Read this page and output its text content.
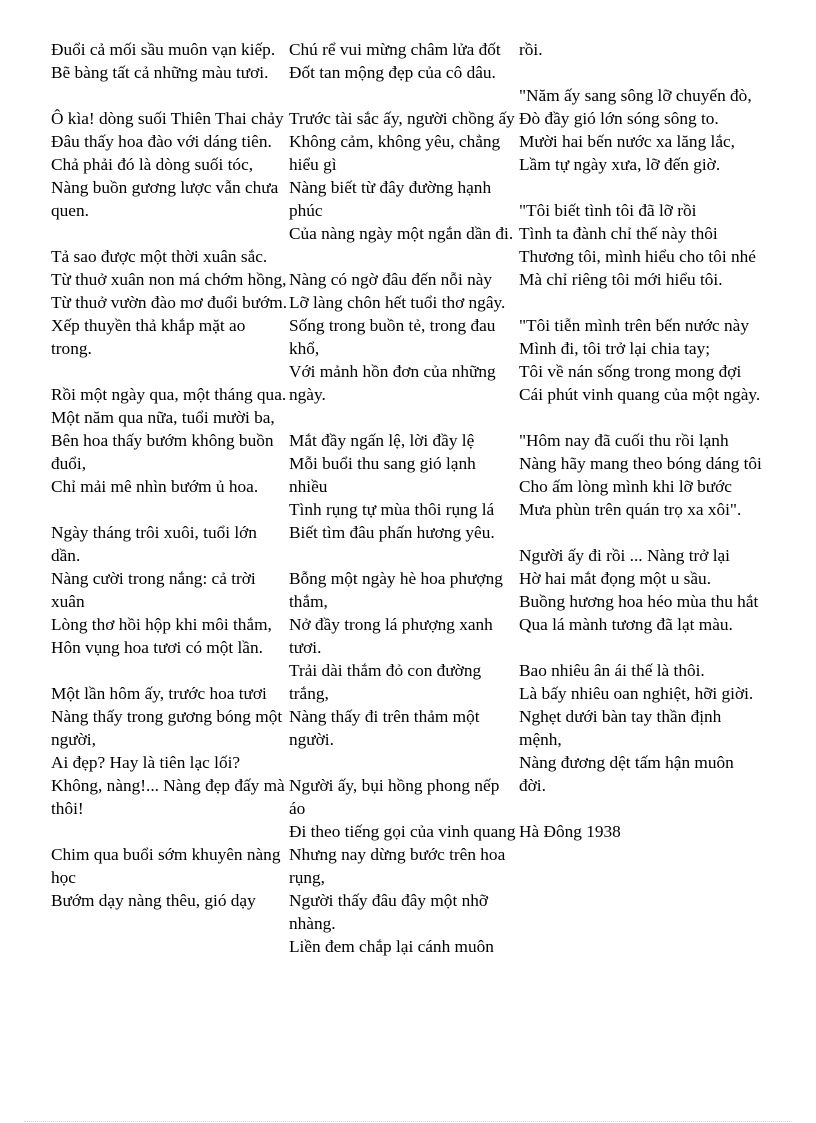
Đuổi cả mối sầu muôn vạn kiếp.
Bẽ bàng tất cả những màu tươi.
Ô kìa! dòng suối Thiên Thai chảy
Đâu thấy hoa đào với dáng tiên.
Chả phải đó là dòng suối tóc,
Nàng buồn gương lược vẫn chưa quen.
Tả sao được một thời xuân sắc.
Từ thuở xuân non má chớm hồng,
Từ thuở vườn đào mơ đuổi bướm.
Xếp thuyền thả khắp mặt ao trong.
Rồi một ngày qua, một tháng qua.
Một năm qua nữa, tuổi mười ba,
Bên hoa thấy bướm không buồn đuổi,
Chỉ mải mê nhìn bướm ủ hoa.
Ngày tháng trôi xuôi, tuổi lớn dần.
Nàng cười trong nắng: cả trời xuân
Lòng thơ hồi hộp khi môi thắm,
Hôn vụng hoa tươi có một lần.
Một lần hôm ấy, trước hoa tươi
Nàng thấy trong gương bóng một người,
Ai đẹp? Hay là tiên lạc lối?
Không, nàng!... Nàng đẹp đấy mà thôi!
Chim qua buổi sớm khuyên nàng học
Bướm dạy nàng thêu, gió dạy
Chú rể vui mừng châm lửa đốt
Đốt tan mộng đẹp của cô dâu.
Trước tài sắc ấy, người chồng ấy
Không cảm, không yêu, chẳng hiểu gì
Nàng biết từ đây đường hạnh phúc
Của nàng ngày một ngắn dần đi.
Nàng có ngờ đâu đến nỗi này
Lỡ làng chôn hết tuổi thơ ngây.
Sống trong buồn tẻ, trong đau khổ,
Với mảnh hồn đơn của những ngày.
Mắt đầy ngấn lệ, lời đầy lệ
Mỗi buổi thu sang gió lạnh nhiều
Tình rụng tự mùa thôi rụng lá
Biết tìm đâu phấn hương yêu.
Bỗng một ngày hè hoa phượng thắm,
Nở đầy trong lá phượng xanh tươi.
Trải dài thắm đỏ con đường trắng,
Nàng thấy đi trên thảm một người.
Người ấy, bụi hồng phong nếp áo
Đi theo tiếng gọi của vinh quang
Nhưng nay dừng bước trên hoa rụng,
Người thấy đâu đây một nhỡ nhàng.
Liền đem chắp lại cánh muôn
rồi.
"Năm ấy sang sông lỡ chuyến đò,
Đò đầy gió lớn sóng sông to.
Mười hai bến nước xa lăng lắc,
Lầm tự ngày xưa, lỡ đến giờ.
"Tôi biết tình tôi đã lỡ rồi
Tình ta đành chỉ thế này thôi
Thương tôi, mình hiểu cho tôi nhé
Mà chỉ riêng tôi mới hiểu tôi.
"Tôi tiễn mình trên bến nước này
Mình đi, tôi trở lại chia tay;
Tôi về nán sống trong mong đợi
Cái phút vinh quang của một ngày.
"Hôm nay đã cuối thu rồi lạnh
Nàng hãy mang theo bóng dáng tôi
Cho ấm lòng mình khi lỡ bước
Mưa phùn trên quán trọ xa xôi".
Người ấy đi rồi ... Nàng trở lại
Hờ hai mắt đọng một u sầu.
Buồng hương hoa héo mùa thu hắt
Qua lá mành tương đã lạt màu.
Bao nhiêu ân ái thế là thôi.
Là bấy nhiêu oan nghiệt, hỡi giời.
Nghẹt dưới bàn tay thần định mệnh,
Nàng đương dệt tấm hận muôn đời.
Hà Đông 1938
